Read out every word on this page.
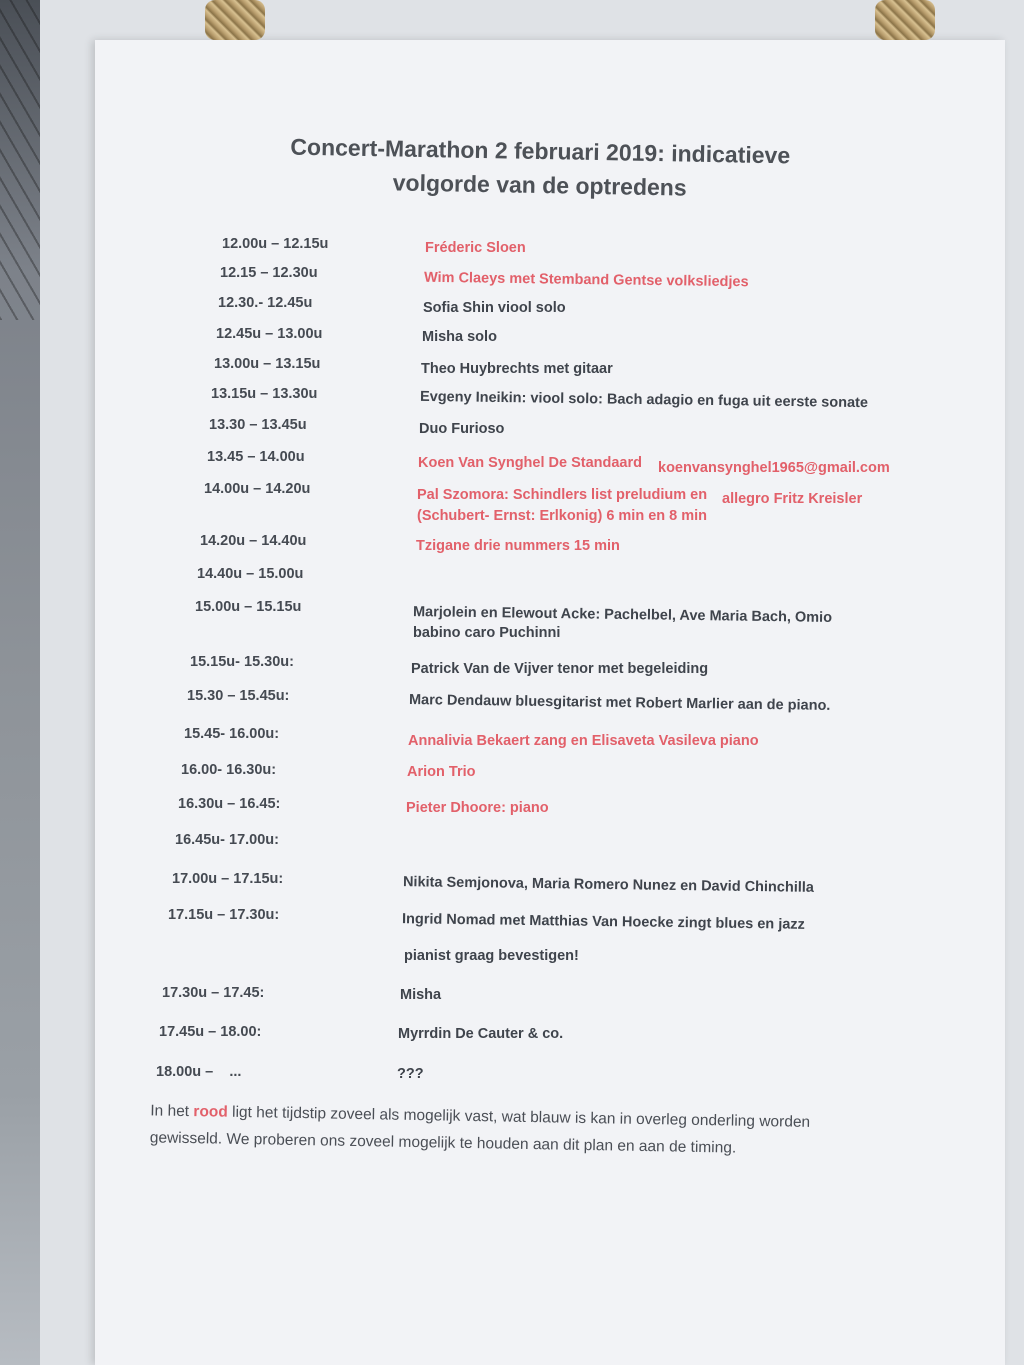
Concert-Marathon 2 februari 2019: indicatieve
volgorde van de optredens
12.00u – 12.15u	Fréderic Sloen
12.15 – 12.30u	Wim Claeys met Stemband Gentse volksliedjes
12.30.- 12.45u	Sofia Shin viool solo
12.45u – 13.00u	Misha solo
13.00u – 13.15u	Theo Huybrechts met gitaar
13.15u – 13.30u	Evgeny Ineikin: viool solo: Bach adagio en fuga uit eerste sonate
13.30 – 13.45u	Duo Furioso
13.45 – 14.00u	Koen Van Synghel De Standaard koenvansynghel1965@gmail.com
14.00u – 14.20u	Pal Szomora: Schindlers list preludium en allegro Fritz Kreisler
(Schubert- Ernst: Erlkonig) 6 min en 8 min
14.20u – 14.40u	Tzigane drie nummers 15 min
14.40u – 15.00u
15.00u – 15.15u	Marjolein en Elewout Acke: Pachelbel, Ave Maria Bach, Omio
babino caro Puchinni
15.15u- 15.30u:	Patrick Van de Vijver tenor met begeleiding
15.30 – 15.45u:	Marc Dendauw bluesgitarist met Robert Marlier aan de piano.
15.45- 16.00u:	Annalivia Bekaert zang en Elisaveta Vasileva piano
16.00- 16.30u:	Arion Trio
16.30u – 16.45:	Pieter Dhoore: piano
16.45u- 17.00u:
17.00u – 17.15u:	Nikita Semjonova, Maria Romero Nunez en David Chinchilla
17.15u – 17.30u:	Ingrid Nomad met Matthias Van Hoecke zingt blues en jazz
pianist graag bevestigen!
17.30u – 17.45:	Misha
17.45u – 18.00:	Myrrdin De Cauter & co.
18.00u –    ...	???
In het rood ligt het tijdstip zoveel als mogelijk vast, wat blauw is kan in overleg onderling worden
gewisseld. We proberen ons zoveel mogelijk te houden aan dit plan en aan de timing.
